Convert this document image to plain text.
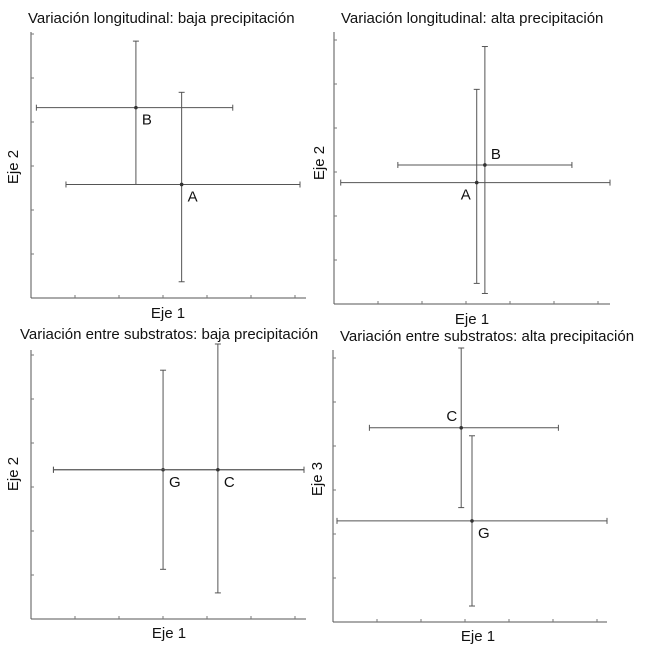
Variación longitudinal: baja precipitación
Eje 1
Eje 2
B
A
Variación longitudinal: alta precipitación
Eje 1
Eje 2	B
A
Variación entre substratos: baja precipitación
Eje 1
Eje 2	G	C
Variación entre substratos: alta precipitación
Eje 1
Eje 3
C
G
